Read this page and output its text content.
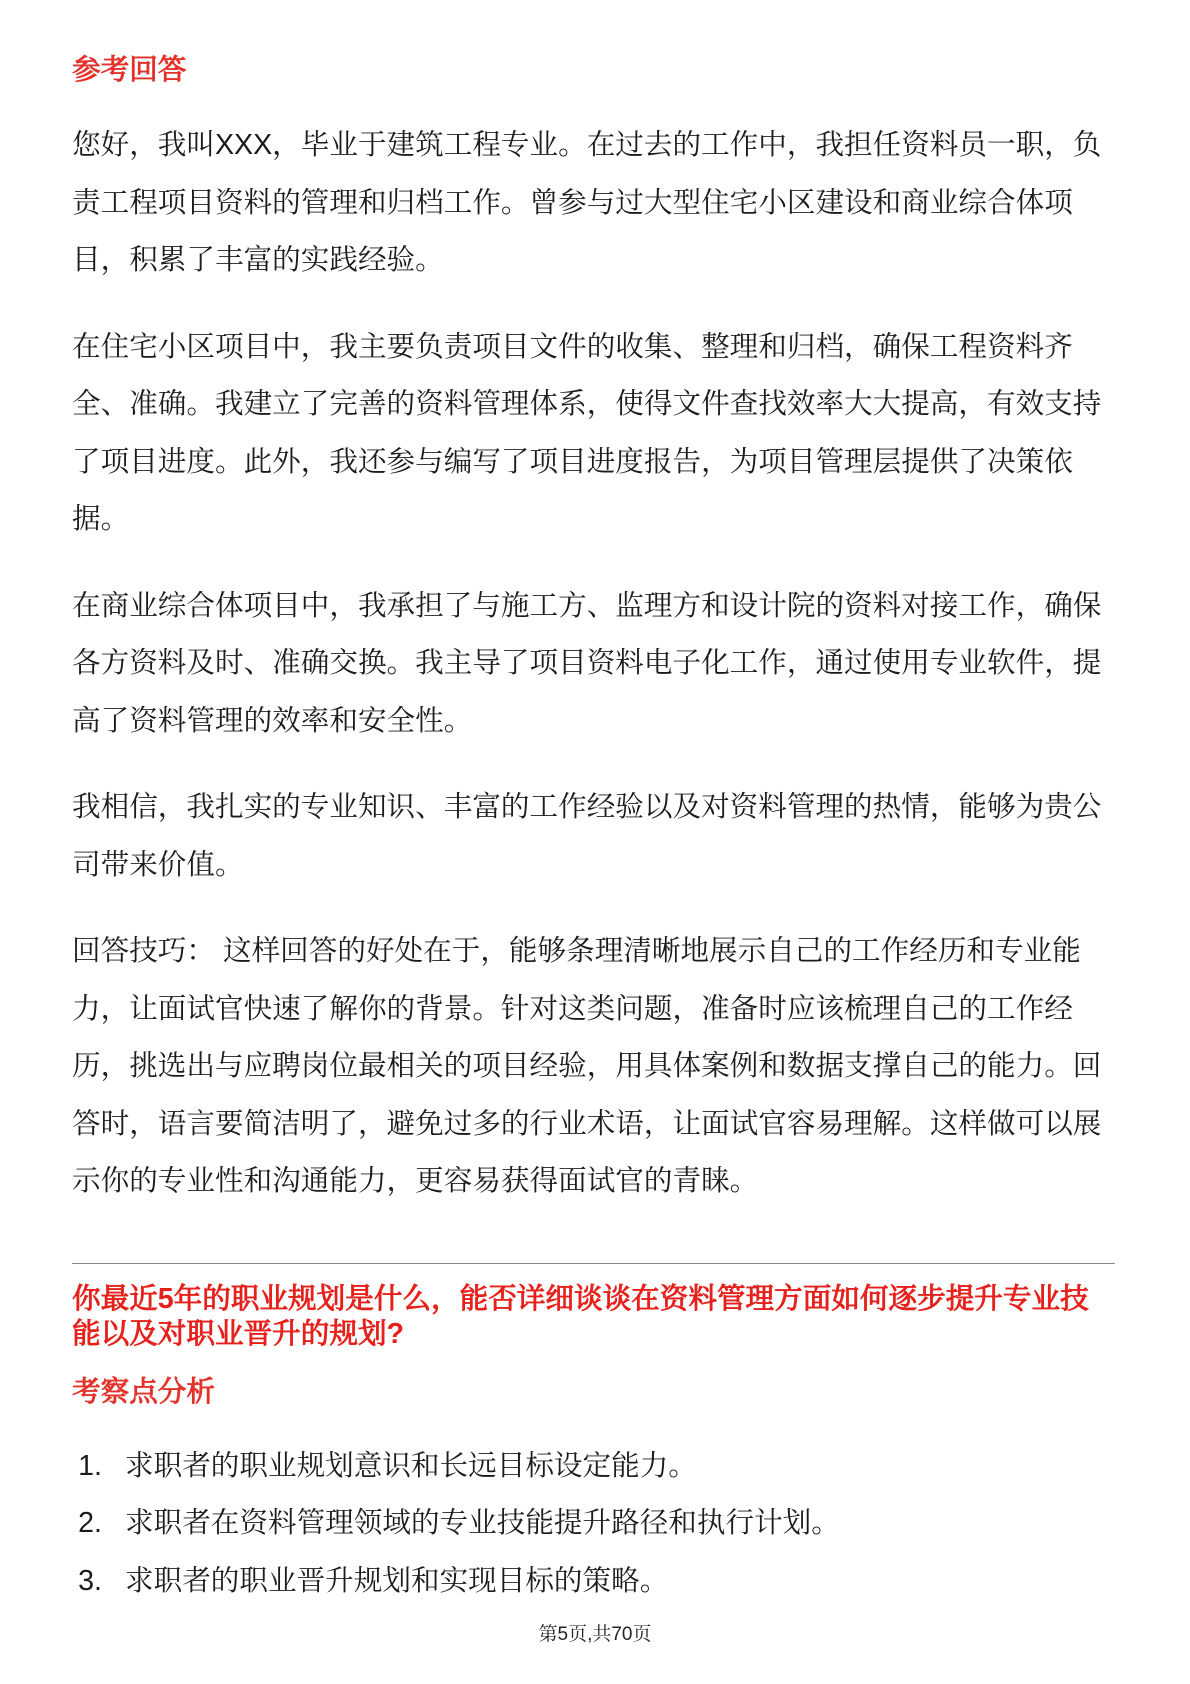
参考回答

您好，我叫XXX，毕业于建筑工程专业。在过去的工作中，我担任资料员一职，负责工程项目资料的管理和归档工作。曾参与过大型住宅小区建设和商业综合体项目，积累了丰富的实践经验。

在住宅小区项目中，我主要负责项目文件的收集、整理和归档，确保工程资料齐全、准确。我建立了完善的资料管理体系，使得文件查找效率大大提高，有效支持了项目进度。此外，我还参与编写了项目进度报告，为项目管理层提供了决策依据。

在商业综合体项目中，我承担了与施工方、监理方和设计院的资料对接工作，确保各方资料及时、准确交换。我主导了项目资料电子化工作，通过使用专业软件，提高了资料管理的效率和安全性。

我相信，我扎实的专业知识、丰富的工作经验以及对资料管理的热情，能够为贵公司带来价值。

回答技巧： 这样回答的好处在于，能够条理清晰地展示自己的工作经历和专业能力，让面试官快速了解你的背景。针对这类问题，准备时应该梳理自己的工作经历，挑选出与应聘岗位最相关的项目经验，用具体案例和数据支撑自己的能力。回答时，语言要简洁明了，避免过多的行业术语，让面试官容易理解。这样做可以展示你的专业性和沟通能力，更容易获得面试官的青睐。

你最近5年的职业规划是什么，能否详细谈谈在资料管理方面如何逐步提升专业技能以及对职业晋升的规划?
考察点分析
1. 求职者的职业规划意识和长远目标设定能力。
2. 求职者在资料管理领域的专业技能提升路径和执行计划。
3. 求职者的职业晋升规划和实现目标的策略。
第5页,共70页
